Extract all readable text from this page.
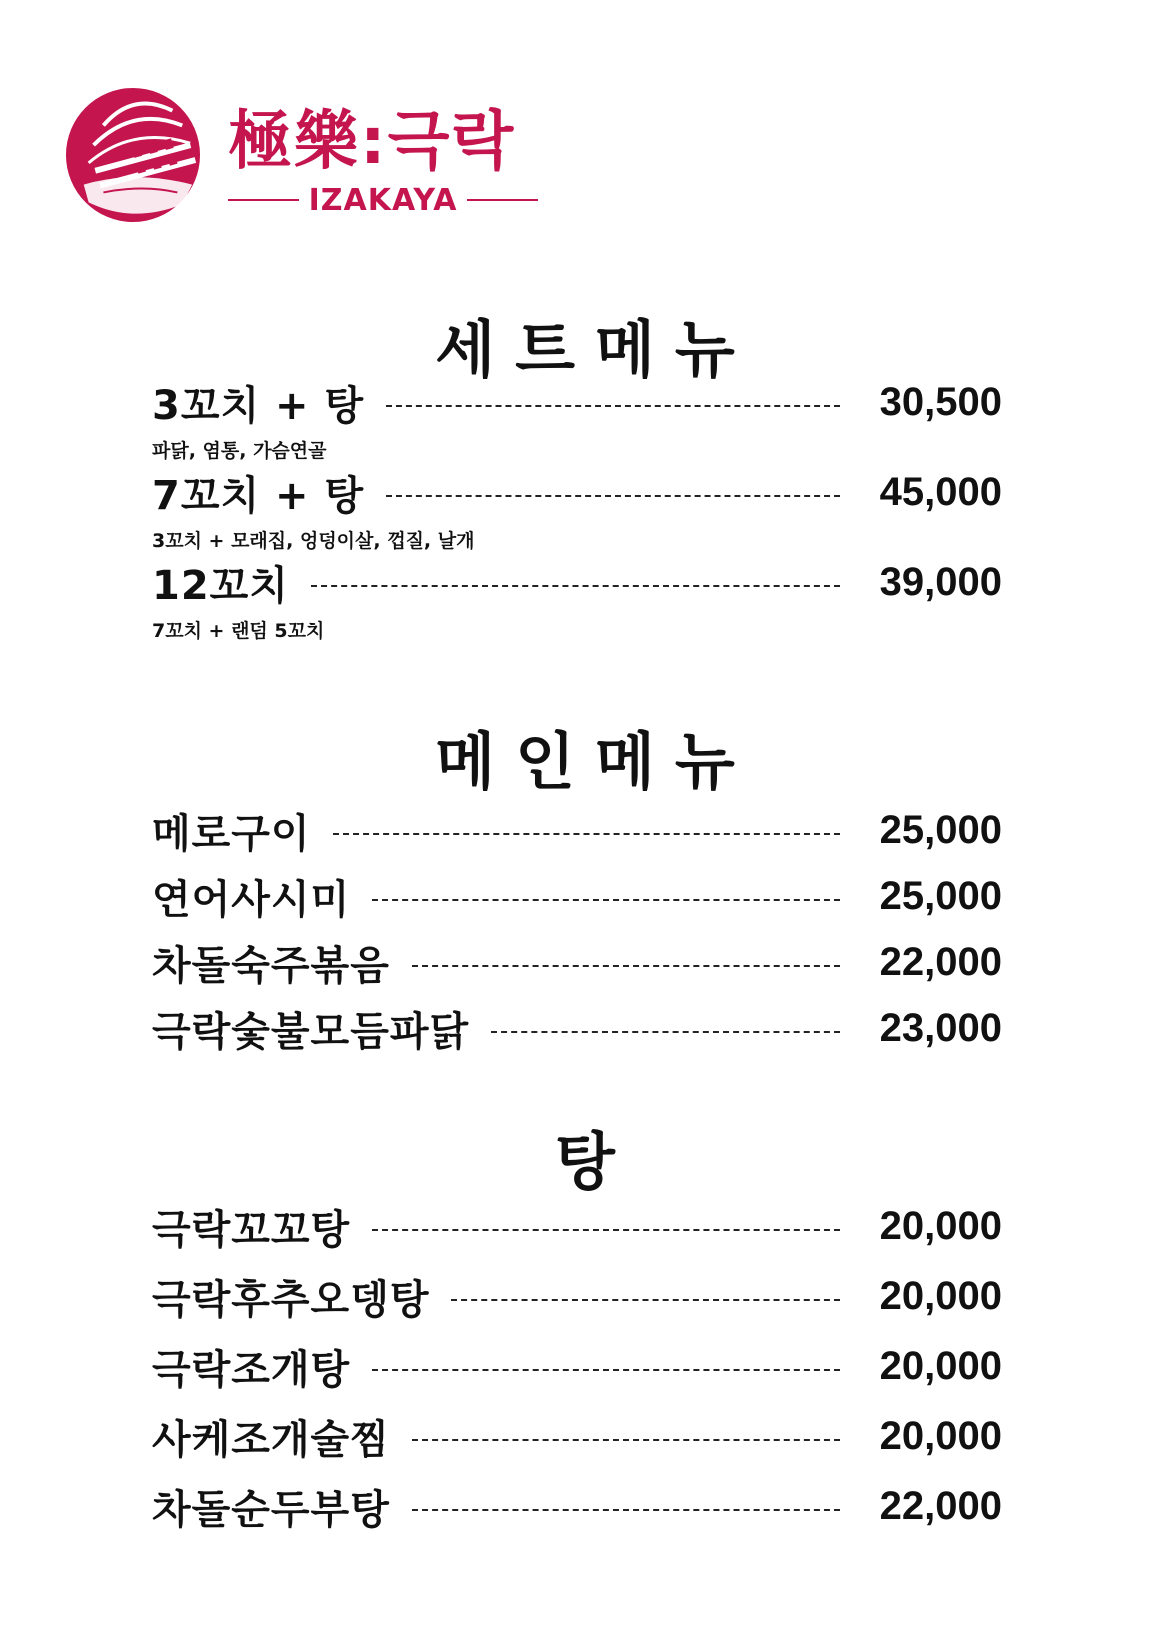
極樂:극락
IZAKAYA
세트메뉴
3꼬치 + 탕	30,500
파닭, 염통, 가슴연골
7꼬치 + 탕	45,000
3꼬치 + 모래집, 엉덩이살, 껍질, 날개
12꼬치	39,000
7꼬치 + 랜덤 5꼬치
메인메뉴
메로구이	25,000
연어사시미	25,000
차돌숙주볶음	22,000
극락숯불모듬파닭	23,000
탕
극락꼬꼬탕	20,000
극락후추오뎅탕	20,000
극락조개탕	20,000
사케조개술찜	20,000
차돌순두부탕	22,000
